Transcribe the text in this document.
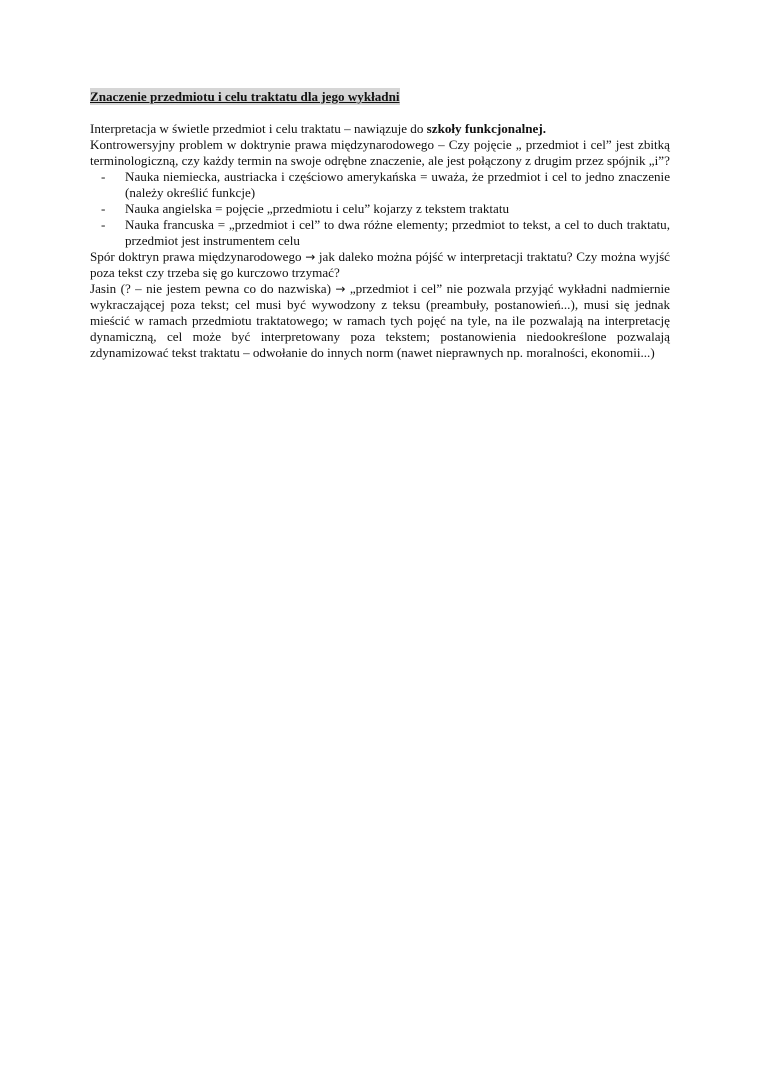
Znaczenie przedmiotu i celu traktatu dla jego wykładni

Interpretacja w świetle przedmiot i celu traktatu – nawiązuje do szkoły funkcjonalnej.

Kontrowersyjny problem w doktrynie prawa międzynarodowego – Czy pojęcie „ przedmiot i cel” jest zbitką terminologiczną, czy każdy termin na swoje odrębne znaczenie, ale jest połączony z drugim przez spójnik „i”?

- Nauka niemiecka, austriacka i częściowo amerykańska = uważa, że przedmiot i cel to jedno znaczenie (należy określić funkcje)
- Nauka angielska = pojęcie „przedmiotu i celu” kojarzy z tekstem traktatu
- Nauka francuska = „przedmiot i cel” to dwa różne elementy; przedmiot to tekst, a cel to duch traktatu, przedmiot jest instrumentem celu

Spór doktryn prawa międzynarodowego → jak daleko można pójść w interpretacji traktatu? Czy można wyjść poza tekst czy trzeba się go kurczowo trzymać?

Jasin (? – nie jestem pewna co do nazwiska) → „przedmiot i cel” nie pozwala przyjąć wykładni nadmiernie wykraczającej poza tekst; cel musi być wywodzony z teksu (preambuły, postanowień...), musi się jednak mieścić w ramach przedmiotu traktatowego; w ramach tych pojęć na tyle, na ile pozwalają na interpretację dynamiczną, cel może być interpretowany poza tekstem; postanowienia niedookreślone pozwalają zdynamizować tekst traktatu – odwołanie do innych norm (nawet nieprawnych np. moralności, ekonomii...)
